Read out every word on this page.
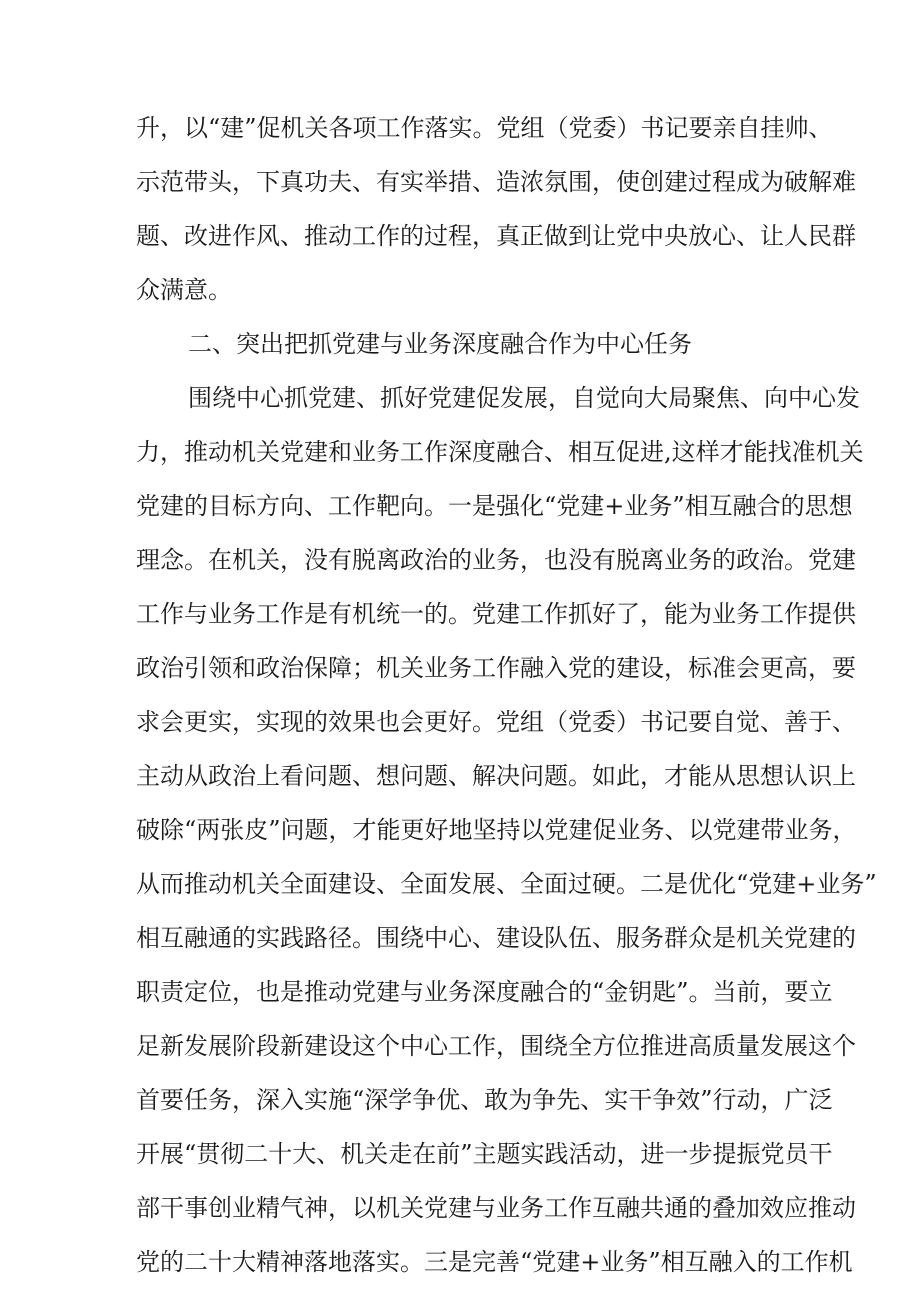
升，以“建”促机关各项工作落实。党组（党委）书记要亲自挂帅、
示范带头，下真功夫、有实举措、造浓氛围，使创建过程成为破解难
题、改进作风、推动工作的过程，真正做到让党中央放心、让人民群
众满意。
二、突出把抓党建与业务深度融合作为中心任务
围绕中心抓党建、抓好党建促发展，自觉向大局聚焦、向中心发
力，推动机关党建和业务工作深度融合、相互促进,这样才能找准机关
党建的目标方向、工作靶向。一是强化“党建+业务”相互融合的思想
理念。在机关，没有脱离政治的业务，也没有脱离业务的政治。党建
工作与业务工作是有机统一的。党建工作抓好了，能为业务工作提供
政治引领和政治保障；机关业务工作融入党的建设，标准会更高，要
求会更实，实现的效果也会更好。党组（党委）书记要自觉、善于、
主动从政治上看问题、想问题、解决问题。如此，才能从思想认识上
破除“两张皮”问题，才能更好地坚持以党建促业务、以党建带业务，
从而推动机关全面建设、全面发展、全面过硬。二是优化“党建+业务”
相互融通的实践路径。围绕中心、建设队伍、服务群众是机关党建的
职责定位，也是推动党建与业务深度融合的“金钥匙”。当前，要立
足新发展阶段新建设这个中心工作，围绕全方位推进高质量发展这个
首要任务，深入实施“深学争优、敢为争先、实干争效”行动，广泛
开展“贯彻二十大、机关走在前”主题实践活动，进一步提振党员干
部干事创业精气神，以机关党建与业务工作互融共通的叠加效应推动
党的二十大精神落地落实。三是完善“党建+业务”相互融入的工作机
